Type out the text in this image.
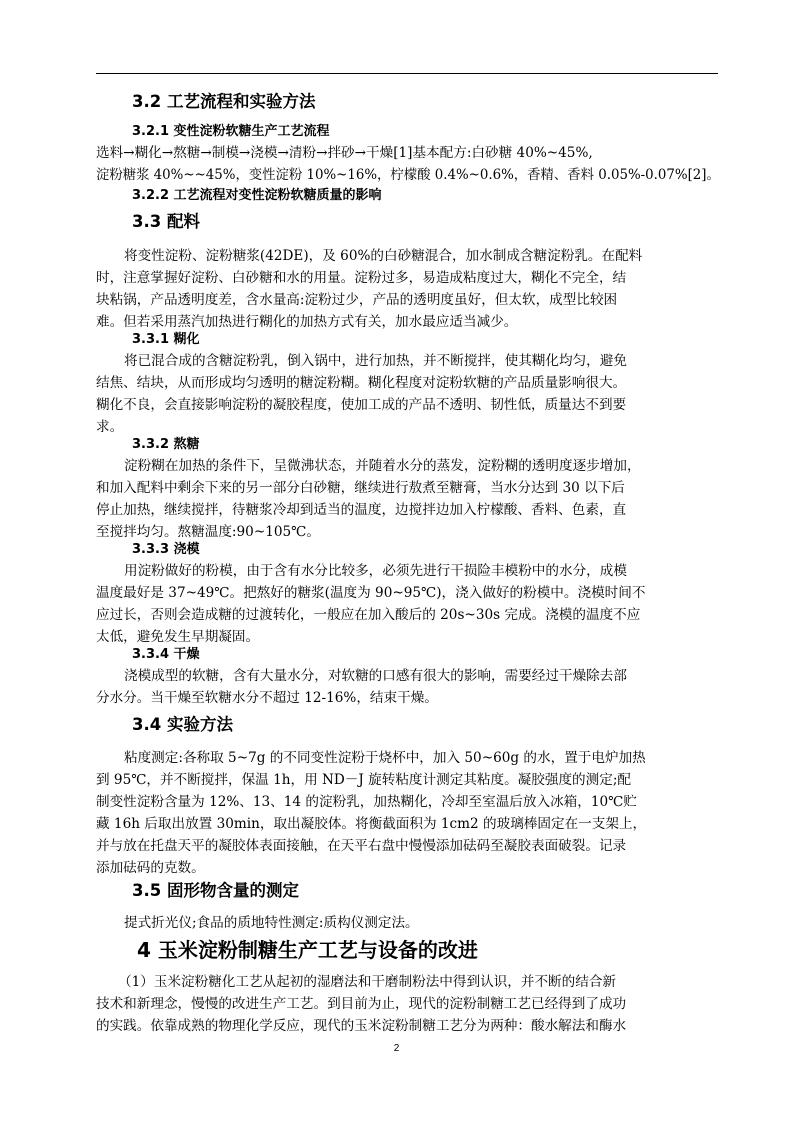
3.2 工艺流程和实验方法
3.2.1 变性淀粉软糖生产工艺流程
选料→糊化→熬糖→制模→浇模→清粉→拌砂→干燥[1]基本配方:白砂糖 40%~45%,
淀粉糖浆 40%~~45%，变性淀粉 10%~16%，柠檬酸 0.4%~0.6%，香精、香料 0.05%-0.07%[2]。
3.2.2 工艺流程对变性淀粉软糖质量的影响
3.3 配料
将变性淀粉、淀粉糖浆(42DE)，及 60%的白砂糖混合，加水制成含糖淀粉乳。在配料
时，注意掌握好淀粉、白砂糖和水的用量。淀粉过多，易造成粘度过大，糊化不完全，结
块粘锅，产品透明度差，含水量高:淀粉过少，产品的透明度虽好，但太软，成型比较困
难。但若采用蒸汽加热进行糊化的加热方式有关，加水最应适当减少。
3.3.1 糊化
将已混合成的含糖淀粉乳，倒入锅中，进行加热，并不断搅拌，使其糊化均匀，避免
结焦、结块，从而形成均匀透明的糖淀粉糊。糊化程度对淀粉软糖的产品质量影响很大。
糊化不良，会直接影响淀粉的凝胶程度，使加工成的产品不透明、韧性低，质量达不到要
求。
3.3.2 熬糖
淀粉糊在加热的条件下，呈微沸状态，并随着水分的蒸发，淀粉糊的透明度逐步增加，
和加入配料中剩余下来的另一部分白砂糖，继续进行敖煮至糖膏，当水分达到 30 以下后
停止加热，继续搅拌，待糖浆冷却到适当的温度，边搅拌边加入柠檬酸、香料、色素，直
至搅拌均匀。熬糖温度:90~105℃。
3.3.3 浇模
用淀粉做好的粉模，由于含有水分比较多，必须先进行干损险丰模粉中的水分，成模
温度最好是 37~49℃。把熬好的糖浆(温度为 90~95℃)，浇入做好的粉模中。浇模时间不
应过长，否则会造成糖的过渡转化，一般应在加入酸后的 20s~30s 完成。浇模的温度不应
太低，避免发生早期凝固。
3.3.4 干燥
浇模成型的软糖，含有大量水分，对软糖的口感有很大的影响，需要经过干燥除去部
分水分。当干燥至软糖水分不超过 12-16%，结束干燥。
3.4 实验方法
粘度测定:各称取 5~7g 的不同变性淀粉于烧杯中，加入 50~60g 的水，置于电炉加热
到 95℃，并不断搅拌，保温 1h，用 ND－J 旋转粘度计测定其粘度。凝胶强度的测定;配
制变性淀粉含量为 12%、13、14 的淀粉乳，加热糊化，冷却至室温后放入冰箱，10℃贮
藏 16h 后取出放置 30min，取出凝胶体。将衡截面积为 1cm2 的玻璃棒固定在一支架上，
并与放在托盘天平的凝胶体表面接触，在天平右盘中慢慢添加砝码至凝胶表面破裂。记录
添加砝码的克数。
3.5 固形物含量的测定
提式折光仪;食品的质地特性测定:质构仪测定法。
4 玉米淀粉制糖生产工艺与设备的改进
（1）玉米淀粉糖化工艺从起初的湿磨法和干磨制粉法中得到认识，并不断的结合新
技术和新理念，慢慢的改进生产工艺。到目前为止，现代的淀粉制糖工艺已经得到了成功
的实践。依靠成熟的物理化学反应，现代的玉米淀粉制糖工艺分为两种：酸水解法和酶水
2
